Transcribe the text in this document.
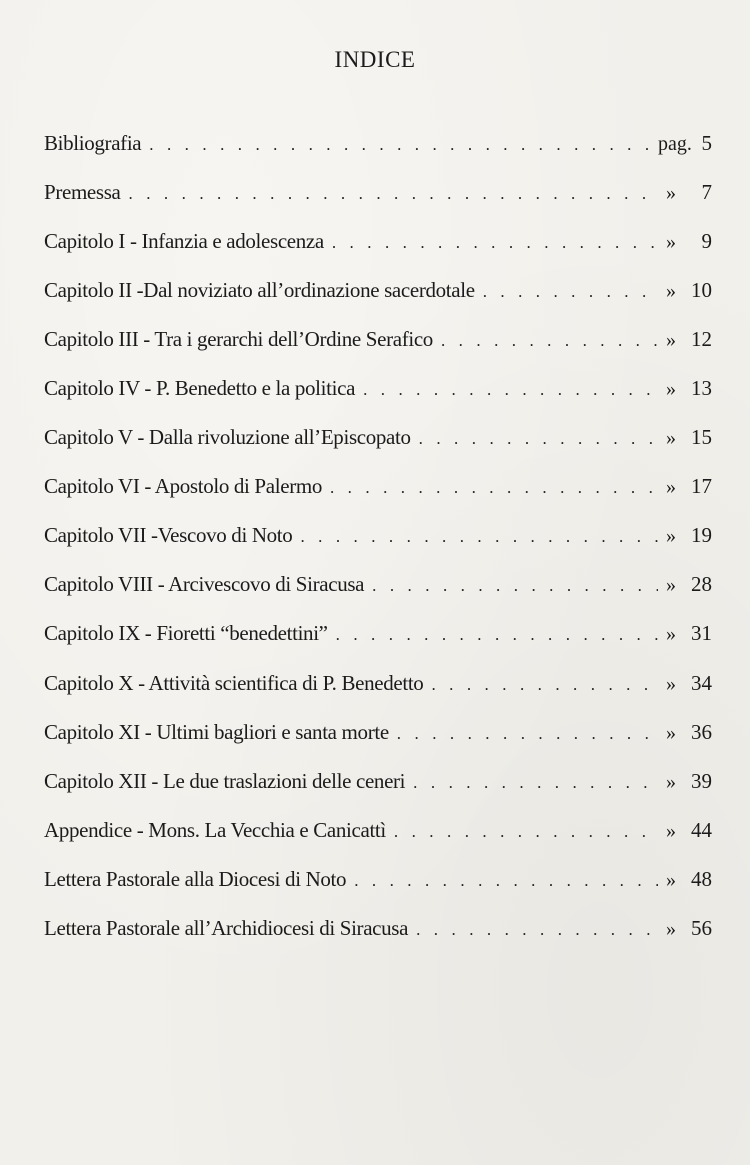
INDICE
Bibliografia . . .	pag. 5
Premessa . . .	»	7
Capitolo I - Infanzia e adolescenza . . .	»	9
Capitolo II -Dal noviziato all’ordinazione sacerdotale . . .	» 10
Capitolo III - Tra i gerarchi dell’Ordine Serafico . . .	» 12
Capitolo IV - P. Benedetto e la politica . . .	» 13
Capitolo V - Dalla rivoluzione all’Episcopato . . .	» 15
Capitolo VI - Apostolo di Palermo . . .	» 17
Capitolo VII -Vescovo di Noto . . .	» 19
Capitolo VIII - Arcivescovo di Siracusa . . .	» 28
Capitolo IX - Fioretti “benedettini” . . .	» 31
Capitolo X - Attività scientifica di P. Benedetto . . .	» 34
Capitolo XI - Ultimi bagliori e santa morte . . .	» 36
Capitolo XII - Le due traslazioni delle ceneri . . .	» 39
Appendice - Mons. La Vecchia e Canicattì . . .	» 44
Lettera Pastorale alla Diocesi di Noto . . .	» 48
Lettera Pastorale all’Archidiocesi di Siracusa . . .	» 56
